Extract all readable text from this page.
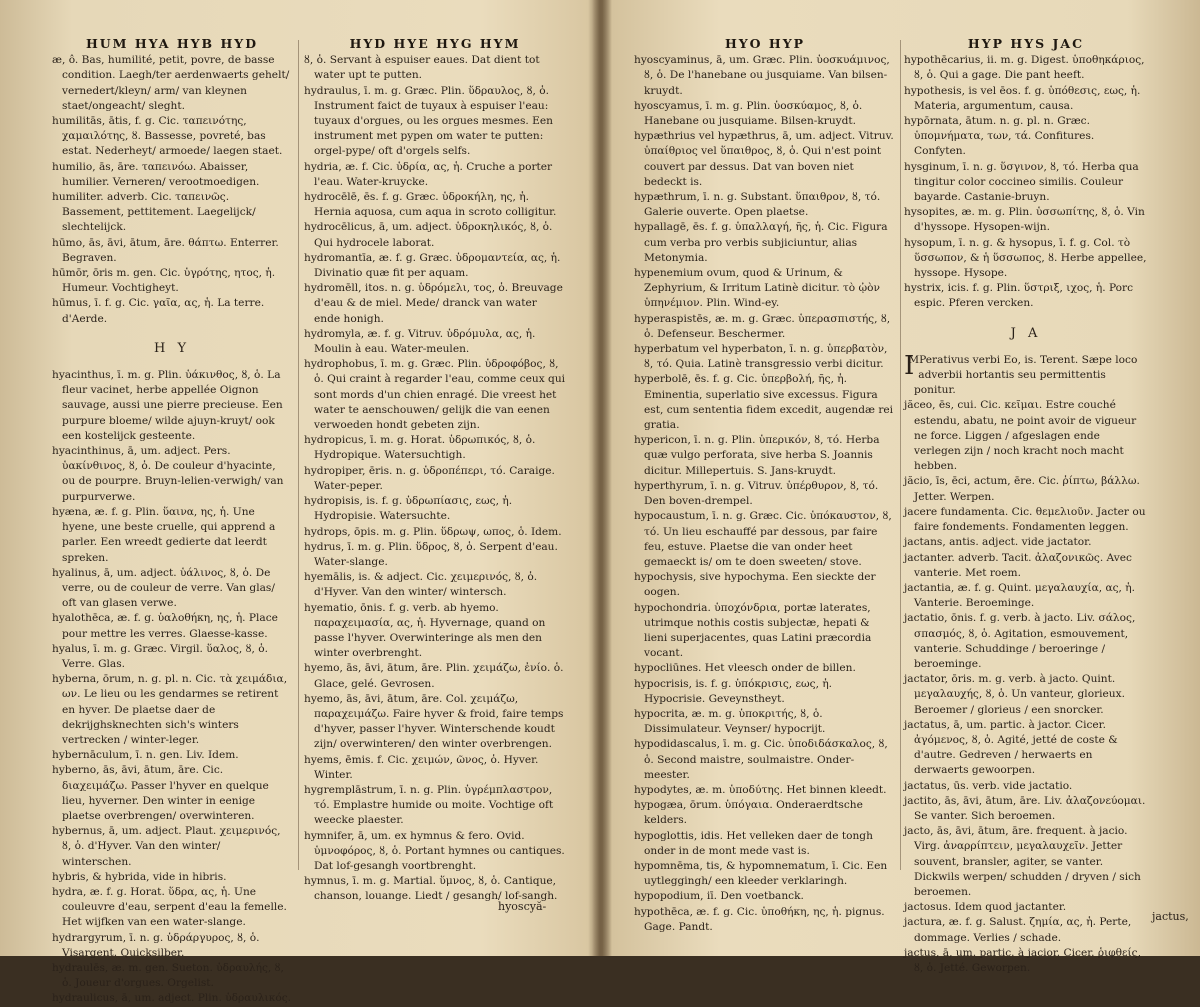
HUM HYA HYB HYD

æ, ô. Bas, humilité, petit, povre, de basse condition. Laegh/ter aerdenwaerts gehelt/ vernedert/kleyn/ arm/ van kleynen staet/ongeacht/ sleght.

humilitās, ātis, f. g. Cic. ταπεινότης, χαμαιλότης, ȣ. Bassesse, povreté, bas estat. Nederheyt/ armoede/ laegen staet.

humilio, ās, āre. ταπεινόω. Abaisser, humilier. Verneren/ verootmoedigen.

humiliter. adverb. Cic. ταπεινῶς. Bassement, pettitement. Laegelijck/ slechtelijck.

hūmo, ās, āvi, ātum, āre. θάπτω. Enterrer. Begraven.

hūmōr, ōris m. gen. Cic. ὑγρότης, ητος, ἡ. Humeur. Vochtigheyt.

hūmus, ī. f. g. Cic. γαῖα, ας, ἡ. La terre. d'Aerde.

H Y

hyacinthus, ī. m. g. Plin. ὑάκινθος, ȣ, ὁ. La fleur vacinet, herbe appellée Oignon sauvage, aussi une pierre precieuse. Een purpure bloeme/ wilde ajuyn-kruyt/ ook een kostelijck gesteente.

hyacinthinus, ā, um. adject. Pers. ὑακίνθινος, ȣ, ὁ. De couleur d'hyacinte, ou de pourpre. Bruyn-lelien-verwigh/ van purpurverwe.

hyæna, æ. f. g. Plin. ὕαινα, ης, ἡ. Une hyene, une beste cruelle, qui apprend a parler. Een wreedt gedierte dat leerdt spreken.

hyalinus, ā, um. adject. ὑάλινος, ȣ, ὁ. De verre, ou de couleur de verre. Van glas/ oft van glasen verwe.

hyalothēca, æ. f. g. ὑαλοθήκη, ης, ἡ. Place pour mettre les verres. Glaesse-kasse.

hyalus, ī. m. g. Græc. Virgil. ὕαλος, ȣ, ὁ. Verre. Glas.

hyberna, ōrum, n. g. pl. n. Cic. τὰ χειμάδια, ων. Le lieu ou les gendarmes se retirent en hyver. De plaetse daer de dekrijghsknechten sich's winters vertrecken / winter-leger.

hybernāculum, ī. n. gen. Liv. Idem.

hyberno, ās, āvi, ātum, āre. Cic. διαχειμάζω. Passer l'hyver en quelque lieu, hyverner. Den winter in eenige plaetse overbrengen/ overwinteren.

hybernus, ā, um. adject. Plaut. χειμερινός, ȣ, ὁ. d'Hyver. Van den winter/ winterschen.

hybris, & hybrida, vide in hibris.

hydra, æ. f. g. Horat. ὕδρα, ας, ἡ. Une couleuvre d'eau, serpent d'eau la femelle. Het wijfken van een water-slange.

hydrargyrum, ī. n. g. ὑδράργυρος, ȣ, ὁ. Visargent. Quicksilber.

hydraulēs, æ. m. gen. Sueton. ὑδραυλής, ȣ, ὁ. Joueur d'orgues. Orgelist.

hydraulicus, ā, um. adject. Plin. ὑδραυλικός.

HYD HYE HYG HYM

ȣ, ὁ. Servant à espuiser eaues. Dat dient tot water upt te putten.

hydraulus, ī. m. g. Græc. Plin. ὕδραυλος, ȣ, ὁ. Instrument faict de tuyaux à espuiser l'eau: tuyaux d'orgues, ou les orgues mesmes. Een instrument met pypen om water te putten: orgel-pype/ oft d'orgels selfs.

hydria, æ. f. Cic. ὑδρία, ας, ἡ. Cruche a porter l'eau. Water-kruycke.

hydrocēlē, ēs. f. g. Græc. ὑδροκήλη, ης, ἡ. Hernia aquosa, cum aqua in scroto colligitur.

hydrocēlicus, ā, um. adject. ὑδροκηλικός, ȣ, ὁ. Qui hydrocele laborat.

hydromantīa, æ. f. g. Græc. ὑδρομαντεία, ας, ἡ. Divinatio quæ fit per aquam.

hydromēll, itos. n. g. ὑδρόμελι, τος, ὁ. Breuvage d'eau & de miel. Mede/ dranck van water ende honigh.

hydromyla, æ. f. g. Vitruv. ὑδρόμυλα, ας, ἡ. Moulin à eau. Water-meulen.

hydrophobus, ī. m. g. Græc. Plin. ὑδροφόβος, ȣ, ὁ. Qui craint à regarder l'eau, comme ceux qui sont mords d'un chien enragé. Die vreest het water te aenschouwen/ gelijk die van eenen verwoeden hondt gebeten zijn.

hydropicus, ī. m. g. Horat. ὑδρωπικός, ȣ, ὁ. Hydropique. Watersuchtigh.

hydropiper, ēris. n. g. ὑδροπέπερι, τό. Caraige. Water-peper.

hydropisis, is. f. g. ὑδρωπίασις, εως, ἡ. Hydropisie. Watersuchte.

hydrops, ōpis. m. g. Plin. ὕδρωψ, ωπος, ὁ. Idem.

hydrus, ī. m. g. Plin. ὕδρος, ȣ, ὁ. Serpent d'eau. Water-slange.

hyemālis, is. & adject. Cic. χειμερινός, ȣ, ὁ. d'Hyver. Van den winter/ wintersch.

hyematio, ōnis. f. g. verb. ab hyemo. παραχειμασία, ας, ἡ. Hyvernage, quand on passe l'hyver. Overwinteringe als men den winter overbrenght.

hyemo, ās, āvi, ātum, āre. Plin. χειμάζω, ἐνίο. ὁ. Glace, gelé. Gevrosen.

hyemo, ās, āvi, ātum, āre. Col. χειμάζω, παραχειμάζω. Faire hyver & froid, faire temps d'hyver, passer l'hyver. Winterschende koudt zijn/ overwinteren/ den winter overbrengen.

hyems, ēmis. f. Cic. χειμών, ῶνος, ὁ. Hyver. Winter.

hygremplāstrum, ī. n. g. Plin. ὑγρέμπλαστρον, τό. Emplastre humide ou moite. Vochtige oft weecke plaester.

hymnifer, ā, um. ex hymnus & fero. Ovid. ὑμνοφόρος, ȣ, ὁ. Portant hymnes ou cantiques. Dat lof-gesangh voortbrenght.

hymnus, ī. m. g. Martial. ὕμνος, ȣ, ὁ. Cantique, chanson, louange. Liedt / gesangh/ lof-sangh.

hyoscyă-
HYO HYP

hyoscyaminus, ā, um. Græc. Plin. ὑοσκυάμινος, ȣ, ὁ. De l'hanebane ou jusquiame. Van bilsen-kruydt.

hyoscyamus, ī. m. g. Plin. ὑοσκύαμος, ȣ, ὁ. Hanebane ou jusquiame. Bilsen-kruydt.

hypæthrius vel hypæthrus, ā, um. adject. Vitruv. ὑπαίθριος vel ὕπαιθρος, ȣ, ὁ. Qui n'est point couvert par dessus. Dat van boven niet bedeckt is.

hypæthrum, ī. n. g. Substant. ὕπαιθρον, ȣ, τό. Galerie ouverte. Open plaetse.

hypallagē, ēs. f. g. ὑπαλλαγή, ῆς, ἡ. Cic. Figura cum verba pro verbis subjiciuntur, alias Metonymia.

hypenemium ovum, quod & Urinum, & Zephyrium, & Irritum Latinè dicitur. τὸ ᾠὸν ὑπηνέμιον. Plin. Wind-ey.

hyperaspistēs, æ. m. g. Græc. ὑπερασπιστής, ȣ, ὁ. Defenseur. Beschermer.

hyperbatum vel hyperbaton, ī. n. g. ὑπερβατὸν, ȣ, τό. Quia. Latinè transgressio verbi dicitur.

hyperbolē, ēs. f. g. Cic. ὑπερβολή, ῆς, ἡ. Eminentia, superlatio sive excessus. Figura est, cum sententia fidem excedit, augendæ rei gratia.

hypericon, ī. n. g. Plin. ὑπερικόν, ȣ, τό. Herba quæ vulgo perforata, sive herba S. Joannis dicitur. Millepertuis. S. Jans-kruydt.

hyperthyrum, ī. n. g. Vitruv. ὑπέρθυρον, ȣ, τό. Den boven-drempel.

hypocaustum, ī. n. g. Græc. Cic. ὑπόκαυστον, ȣ, τό. Un lieu eschauffé par dessous, par faire feu, estuve. Plaetse die van onder heet gemaeckt is/ om te doen sweeten/ stove.

hypochysis, sive hypochyma. Een sieckte der oogen.

hypochondria. ὑποχόνδρια, portæ laterates, utrimque nothis costis subjectæ, hepati & lieni superjacentes, quas Latini præcordia vocant.

hypocliūnes. Het vleesch onder de billen.

hypocrisis, is. f. g. ὑπόκρισις, εως, ἡ. Hypocrisie. Geveynstheyt.

hypocrita, æ. m. g. ὑποκριτής, ȣ, ὁ. Dissimulateur. Veynser/ hypocrijt.

hypodidascalus, ī. m. g. Cic. ὑποδιδάσκαλος, ȣ, ὁ. Second maistre, soulmaistre. Onder-meester.

hypodytes, æ. m. ὑποδύτης. Het binnen kleedt.

hypogæa, ōrum. ὑπόγαια. Onderaerdtsche kelders.

hypoglottis, idis. Het velleken daer de tongh onder in de mont mede vast is.

hypomnēma, tis, & hypomnematum, ī. Cic. Een uytleggingh/ een kleeder verklaringh.

hypopodium, iī. Den voetbanck.

hypothēca, æ. f. g. Cic. ὑποθήκη, ης, ἡ. pignus. Gage. Pandt.

HYP HYS JAC

hypothēcarius, ii. m. g. Digest. ὑποθηκάριος, ȣ, ὁ. Qui a gage. Die pant heeft.

hypothesis, is vel ēos. f. g. ὑπόθεσις, εως, ἡ. Materia, argumentum, causa.

hypōrnata, ātum. n. g. pl. n. Græc. ὑπομνήματα, των, τά. Confitures. Confyten.

hysginum, ī. n. g. ὕσγινον, ȣ, τό. Herba qua tingitur color coccineo similis. Couleur bayarde. Castanie-bruyn.

hysopites, æ. m. g. Plin. ὑσσωπίτης, ȣ, ὁ. Vin d'hyssope. Hysopen-wijn.

hysopum, ī. n. g. & hysopus, ī. f. g. Col. τὸ ὕσσωπον, & ἡ ὕσσωπος, ȣ. Herbe appellee, hyssope. Hysope.

hystrix, icis. f. g. Plin. ὕστριξ, ιχος, ἡ. Porc espic. Pferen vercken.

J A

I
MPerativus verbi Eo, is. Terent. Sæpe loco adverbii hortantis seu permittentis ponitur.

jăceo, ēs, cui. Cic. κεῖμαι. Estre couché estendu, abatu, ne point avoir de vigueur ne force. Liggen / afgeslagen ende verlegen zijn / noch kracht noch macht hebben.

jăcio, īs, ēci, actum, ēre. Cic. ῥίπτω, βάλλω. Jetter. Werpen.

jacere fundamenta. Cic. θεμελιοῦν. Jacter ou faire fondements. Fondamenten leggen.

jactans, antis. adject. vide jactator.

jactanter. adverb. Tacit. ἀλαζονικῶς. Avec vanterie. Met roem.

jactantia, æ. f. g. Quint. μεγαλαυχία, ας, ἡ. Vanterie. Beroeminge.

jactatio, ōnis. f. g. verb. à jacto. Liv. σάλος, σπασμός, ȣ, ὁ. Agitation, esmouvement, vanterie. Schuddinge / beroeringe / beroeminge.

jactator, ōris. m. g. verb. à jacto. Quint. μεγαλαυχής, ȣ, ὁ. Un vanteur, glorieux. Beroemer / glorieus / een snorcker.

jactatus, ā, um. partic. à jactor. Cicer. ἀγόμενος, ȣ, ὁ. Agité, jetté de coste & d'autre. Gedreven / herwaerts en derwaerts gewoorpen.

jactatus, ūs. verb. vide jactatio.

jactito, ās, āvi, ātum, āre. Liv. ἀλαζονεύομαι. Se vanter. Sich beroemen.

jacto, ās, āvi, ātum, āre. frequent. à jacio. Virg. ἀναρρίπτειν, μεγαλαυχεῖν. Jetter souvent, bransler, agiter, se vanter. Dickwils werpen/ schudden / dryven / sich beroemen.

jactosus. Idem quod jactanter.

jactura, æ. f. g. Salust. ζημία, ας, ἡ. Perte, dommage. Verlies / schade.

jactus, ā, um. partic. à jacior. Cicer. ῥιφθείς, ȣ, ὁ. Jetté. Geworpen.

jactus,
